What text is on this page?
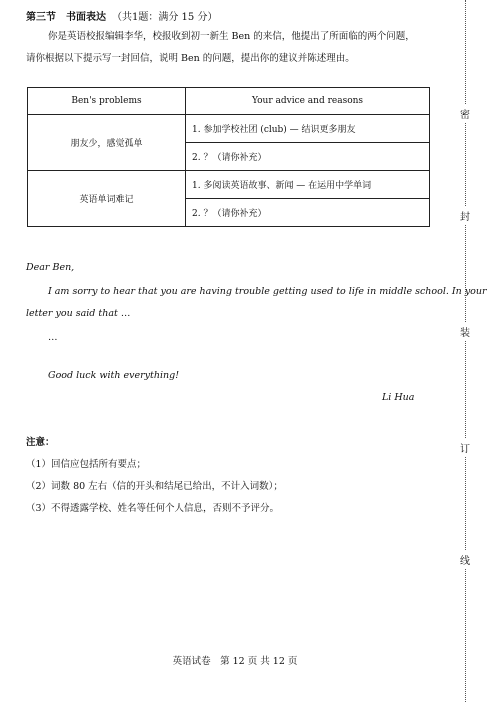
第三节　书面表达 （共1题：满分 15 分）

你是英语校报编辑李华，校报收到初一新生 Ben 的来信，他提出了所面临的两个问题，

请你根据以下提示写一封回信，说明 Ben 的问题，提出你的建议并陈述理由。

Ben's problems	Your advice and reasons
朋友少，感觉孤单	1. 参加学校社团 (club) — 结识更多朋友
	2. ？（请你补充）
英语单词难记	1. 多阅读英语故事、新闻 — 在运用中学单词
	2. ？（请你补充）
Dear Ben,
I am sorry to hear that you are having trouble getting used to life in middle school. In your
letter you said that …
…
Good luck with everything!
Li Hua
注意：
（1）回信应包括所有要点；
（2）词数 80 左右（信的开头和结尾已给出，不计入词数）；
（3）不得透露学校、姓名等任何个人信息，否则不予评分。
英语试卷　第 12 页 共 12 页
密
封
装
订
线
